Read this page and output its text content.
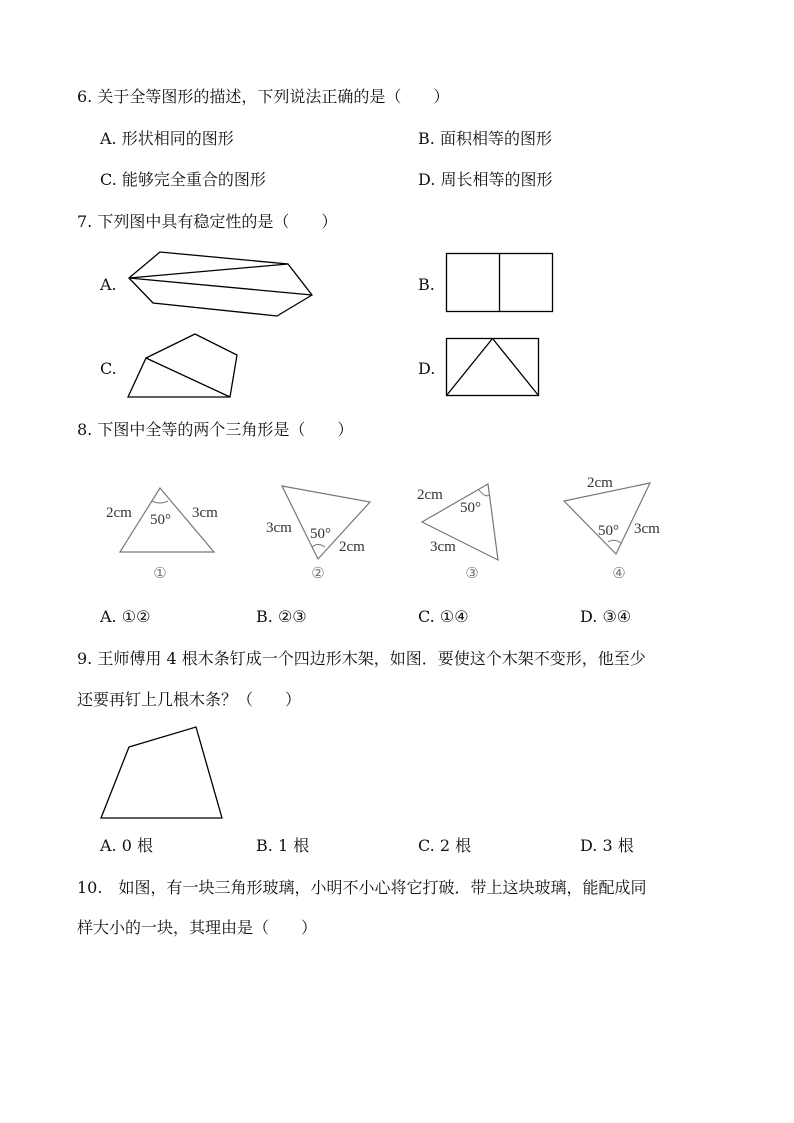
6. 关于全等图形的描述，下列说法正确的是（　　）
A. 形状相同的图形	B. 面积相等的图形
C. 能够完全重合的图形	D. 周长相等的图形
7. 下列图中具有稳定性的是（　　）
A.	B.
C.	D.
8. 下图中全等的两个三角形是（　　）
2cm	3cm
50°
①
3cm
2cm
50°
②
2cm
3cm
50°
③
2cm
3cm
50°
④
A. ①②	B. ②③	C. ①④	D. ③④
9. 王师傅用 4 根木条钉成一个四边形木架，如图．要使这个木架不变形，他至少
还要再钉上几根木条？（　　）
A. 0 根	B. 1 根	C. 2 根	D. 3 根
10.　如图，有一块三角形玻璃，小明不小心将它打破．带上这块玻璃，能配成同
样大小的一块，其理由是（　　）
